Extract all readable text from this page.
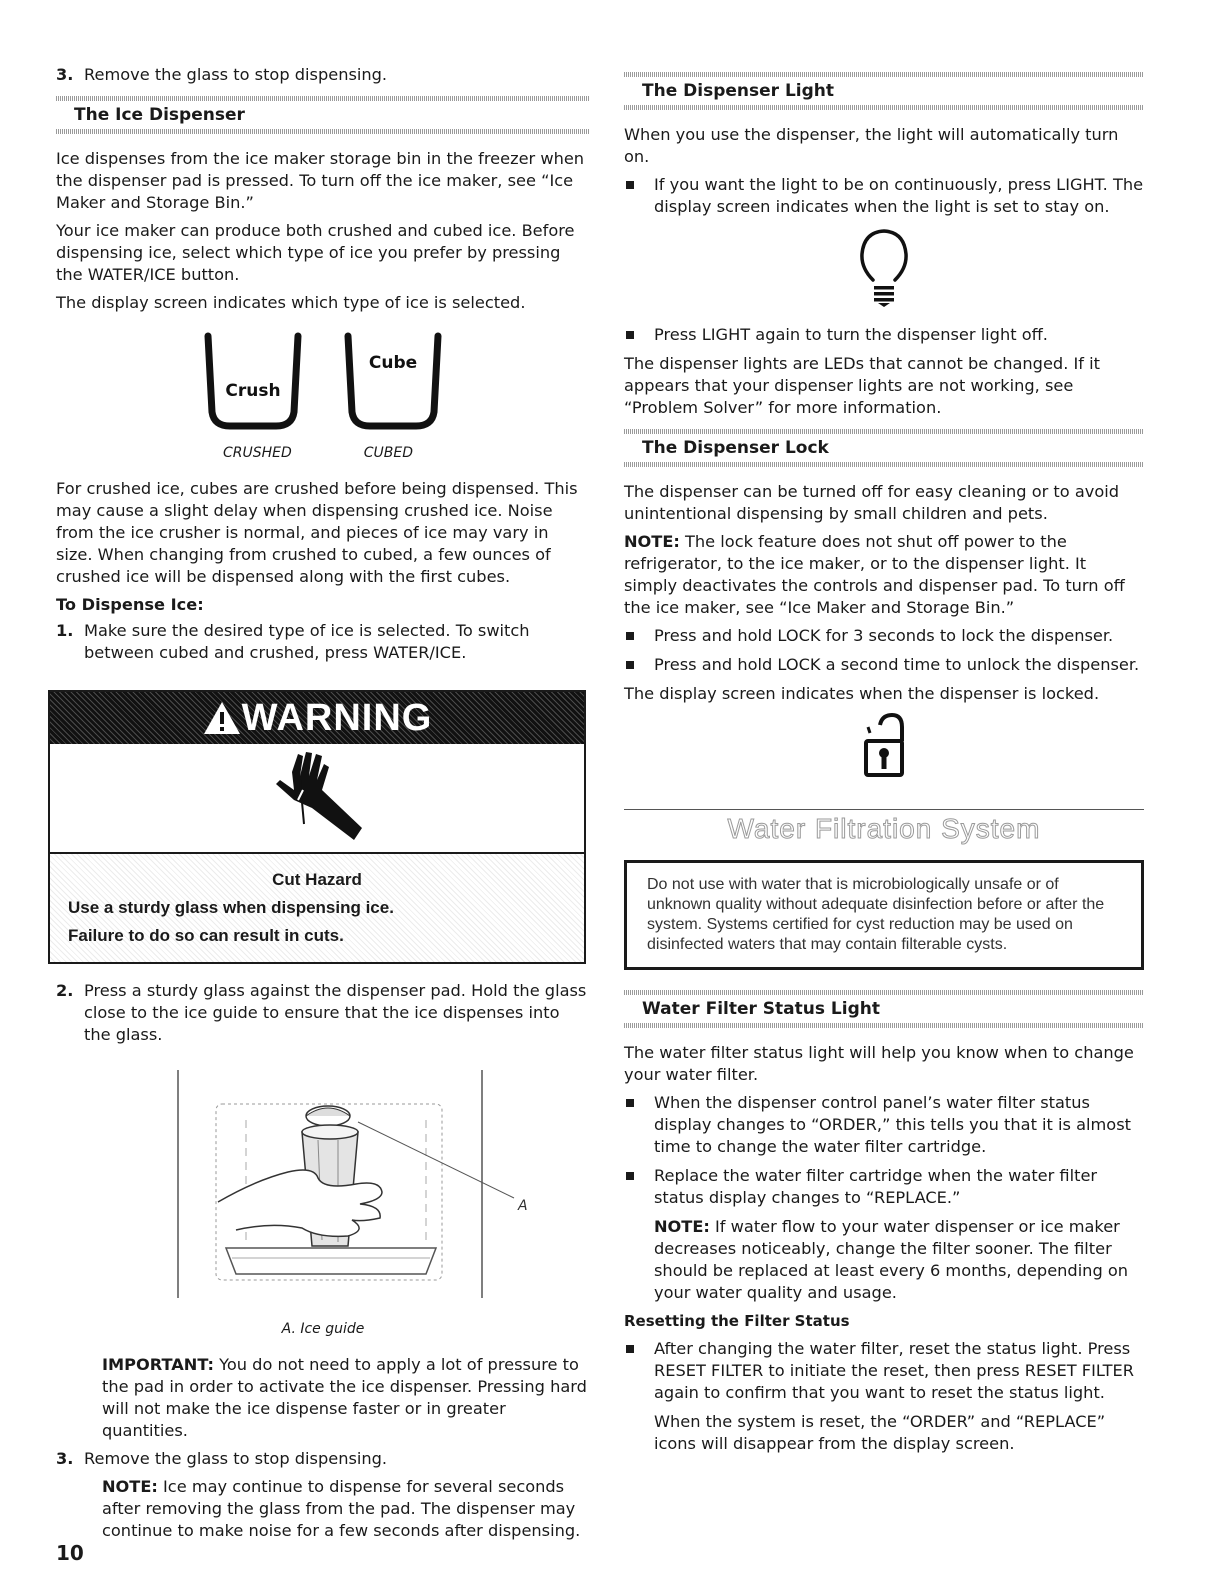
3. Remove the glass to stop dispensing.
The Ice Dispenser

Ice dispenses from the ice maker storage bin in the freezer when the dispenser pad is pressed. To turn off the ice maker, see “Ice Maker and Storage Bin.”

Your ice maker can produce both crushed and cubed ice. Before dispensing ice, select which type of ice you prefer by pressing the WATER/ICE button.

The display screen indicates which type of ice is selected.

Crush
Cube
CRUSHED	CUBED

For crushed ice, cubes are crushed before being dispensed. This may cause a slight delay when dispensing crushed ice. Noise from the ice crusher is normal, and pieces of ice may vary in size. When changing from crushed to cubed, a few ounces of crushed ice will be dispensed along with the first cubes.

To Dispense Ice:
1. Make sure the desired type of ice is selected. To switch between cubed and crushed, press WATER/ICE.
WARNING
Cut Hazard
Use a sturdy glass when dispensing ice.
Failure to do so can result in cuts.
2. Press a sturdy glass against the dispenser pad. Hold the glass close to the ice guide to ensure that the ice dispenses into the glass.
A
A. Ice guide

IMPORTANT: You do not need to apply a lot of pressure to the pad in order to activate the ice dispenser. Pressing hard will not make the ice dispense faster or in greater quantities.

3. Remove the glass to stop dispensing.

NOTE: Ice may continue to dispense for several seconds after removing the glass from the pad. The dispenser may continue to make noise for a few seconds after dispensing.

10
The Dispenser Light

When you use the dispenser, the light will automatically turn on.

If you want the light to be on continuously, press LIGHT. The display screen indicates when the light is set to stay on.
Press LIGHT again to turn the dispenser light off.

The dispenser lights are LEDs that cannot be changed. If it appears that your dispenser lights are not working, see “Problem Solver” for more information.

The Dispenser Lock

The dispenser can be turned off for easy cleaning or to avoid unintentional dispensing by small children and pets.

NOTE: The lock feature does not shut off power to the refrigerator, to the ice maker, or to the dispenser light. It simply deactivates the controls and dispenser pad. To turn off the ice maker, see “Ice Maker and Storage Bin.”

Press and hold LOCK for 3 seconds to lock the dispenser.
Press and hold LOCK a second time to unlock the dispenser.

The display screen indicates when the dispenser is locked.

Water Filtration System
Do not use with water that is microbiologically unsafe or of unknown quality without adequate disinfection before or after the system. Systems certified for cyst reduction may be used on disinfected waters that may contain filterable cysts.
Water Filter Status Light

The water filter status light will help you know when to change your water filter.

When the dispenser control panel’s water filter status display changes to “ORDER,” this tells you that it is almost time to change the water filter cartridge.
Replace the water filter cartridge when the water filter status display changes to “REPLACE.”

NOTE: If water flow to your water dispenser or ice maker decreases noticeably, change the filter sooner. The filter should be replaced at least every 6 months, depending on your water quality and usage.

Resetting the Filter Status
After changing the water filter, reset the status light. Press RESET FILTER to initiate the reset, then press RESET FILTER again to confirm that you want to reset the status light.

When the system is reset, the “ORDER” and “REPLACE” icons will disappear from the display screen.
